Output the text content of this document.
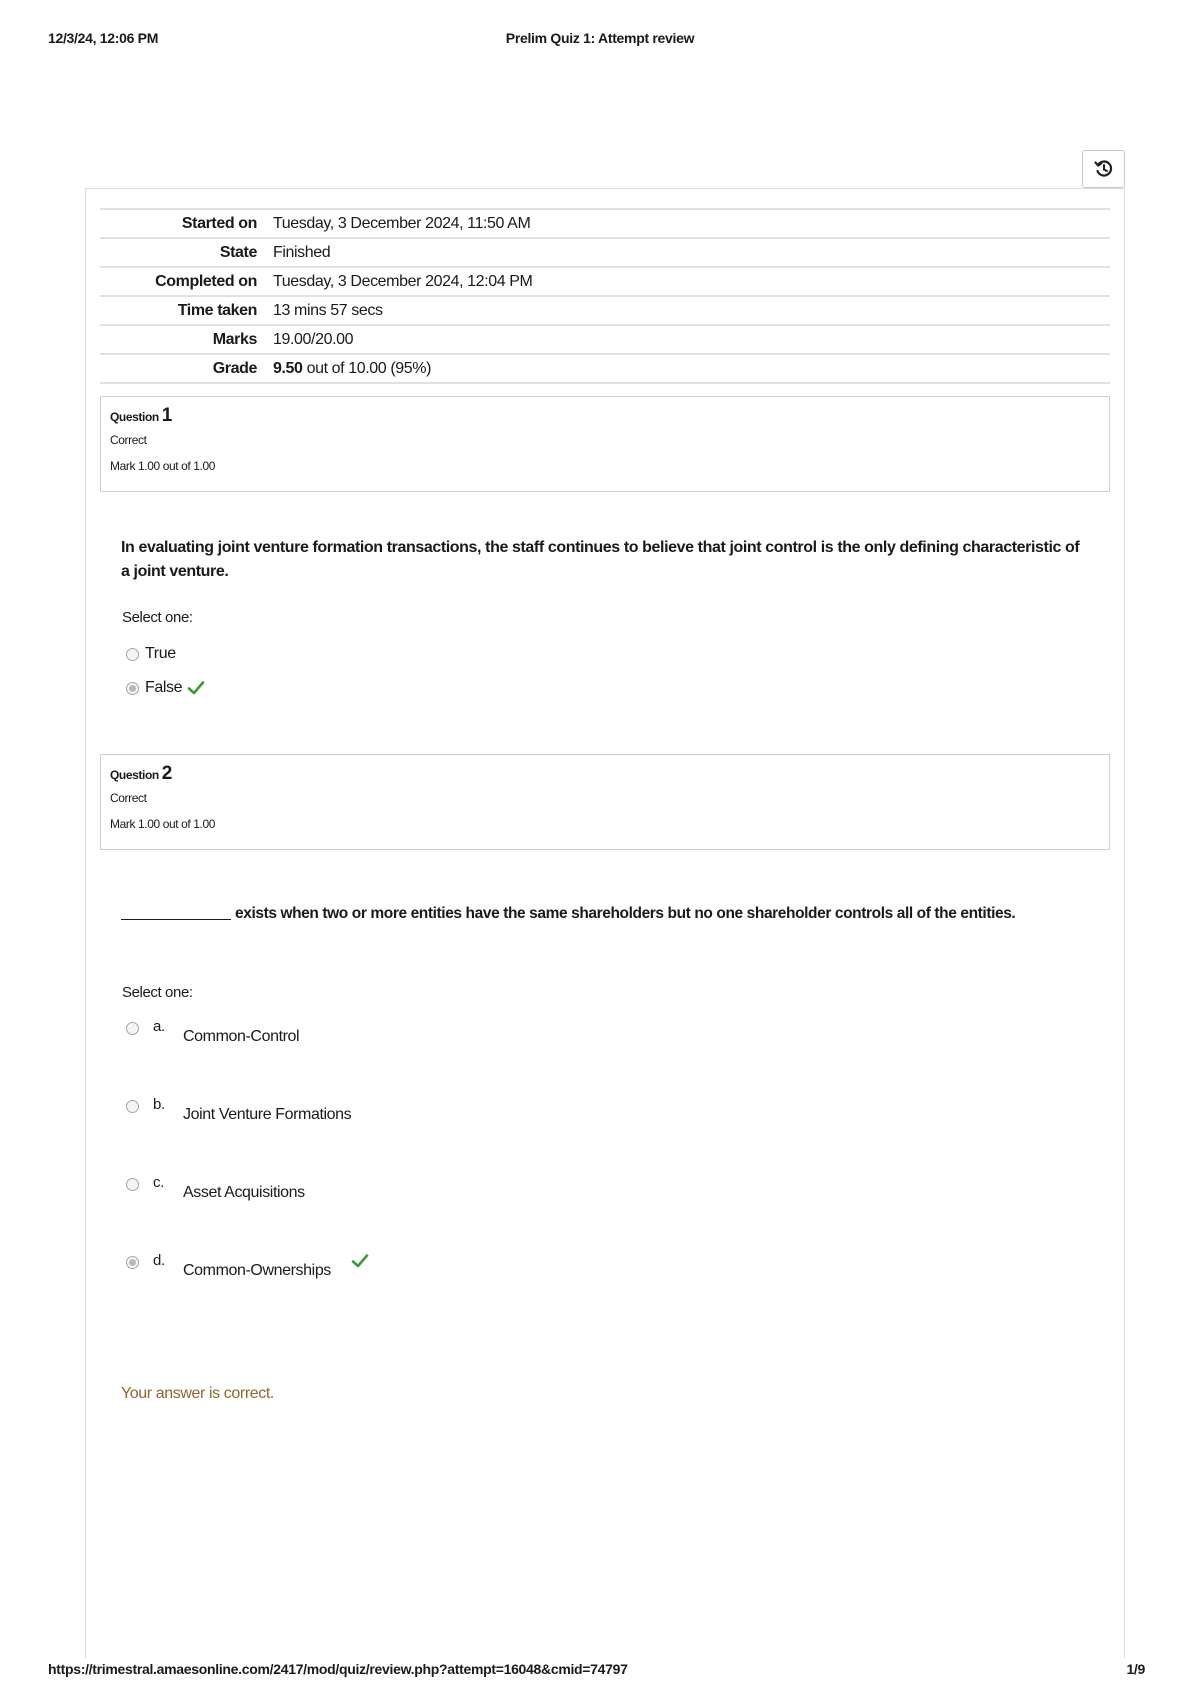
12/3/24, 12:06 PM	Prelim Quiz 1: Attempt review
Started on	Tuesday, 3 December 2024, 11:50 AM
State	Finished
Completed on	Tuesday, 3 December 2024, 12:04 PM
Time taken	13 mins 57 secs
Marks	19.00/20.00
Grade	9.50 out of 10.00 (95%)
Question 1
Correct
Mark 1.00 out of 1.00
In evaluating joint venture formation transactions, the staff continues to believe that joint control is the only defining characteristic of a joint venture.
Select one:
True
False
Question 2
Correct
Mark 1.00 out of 1.00
exists when two or more entities have the same shareholders but no one shareholder controls all of the entities.
Select one:
a.
Common-Control
b.
Joint Venture Formations
c.
Asset Acquisitions
d.
Common-Ownerships
Your answer is correct.
https://trimestral.amaesonline.com/2417/mod/quiz/review.php?attempt=16048&cmid=74797	1/9
